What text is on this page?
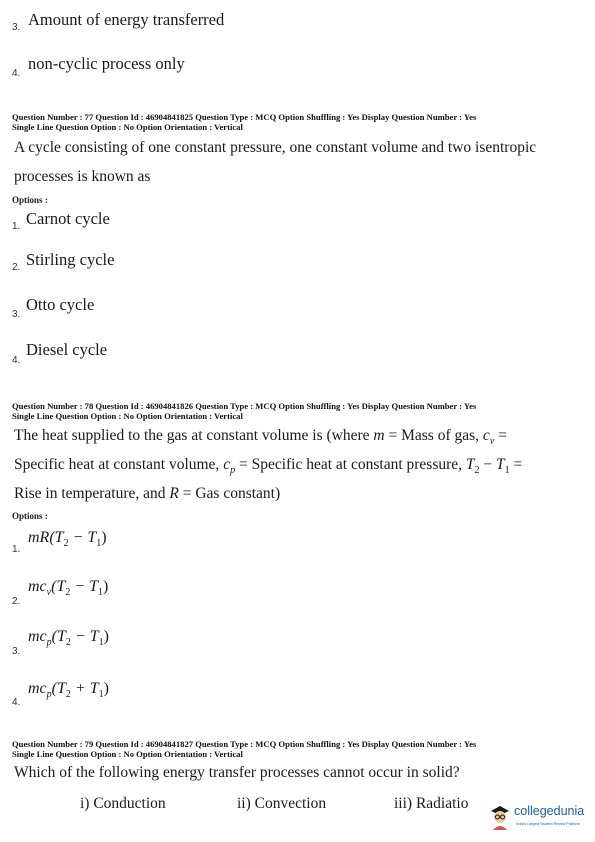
3. Amount of energy transferred
4.
non-cyclic process only
Question Number : 77 Question Id : 46904841825 Question Type : MCQ Option Shuffling : Yes Display Question Number : Yes
Single Line Question Option : No Option Orientation : Vertical
A cycle consisting of one constant pressure, one constant volume and two isentropic
processes is known as
Options :
1. Carnot cycle
2. Stirling cycle
3.
Otto cycle
4.
Diesel cycle
Question Number : 78 Question Id : 46904841826 Question Type : MCQ Option Shuffling : Yes Display Question Number : Yes
Single Line Question Option : No Option Orientation : Vertical
The heat supplied to the gas at constant volume is (where m = Mass of gas, $c_v$ =
Specific heat at constant volume, $c_p$ = Specific heat at constant pressure, $T_2 - T_1$ =
Rise in temperature, and R = Gas constant)
Options :
1.
$mR(T_2 - T_1)$
2.
$mc_v(T_2 - T_1)$
3.
$mc_p(T_2 - T_1)$
4.
$mc_p(T_2 + T_1)$
Question Number : 79 Question Id : 46904841827 Question Type : MCQ Option Shuffling : Yes Display Question Number : Yes
Single Line Question Option : No Option Orientation : Vertical
Which of the following energy transfer processes cannot occur in solid?
i) Conduction	ii) Convection	iii) Radiatio	collegedunia
India's Largest Student Review Platform
